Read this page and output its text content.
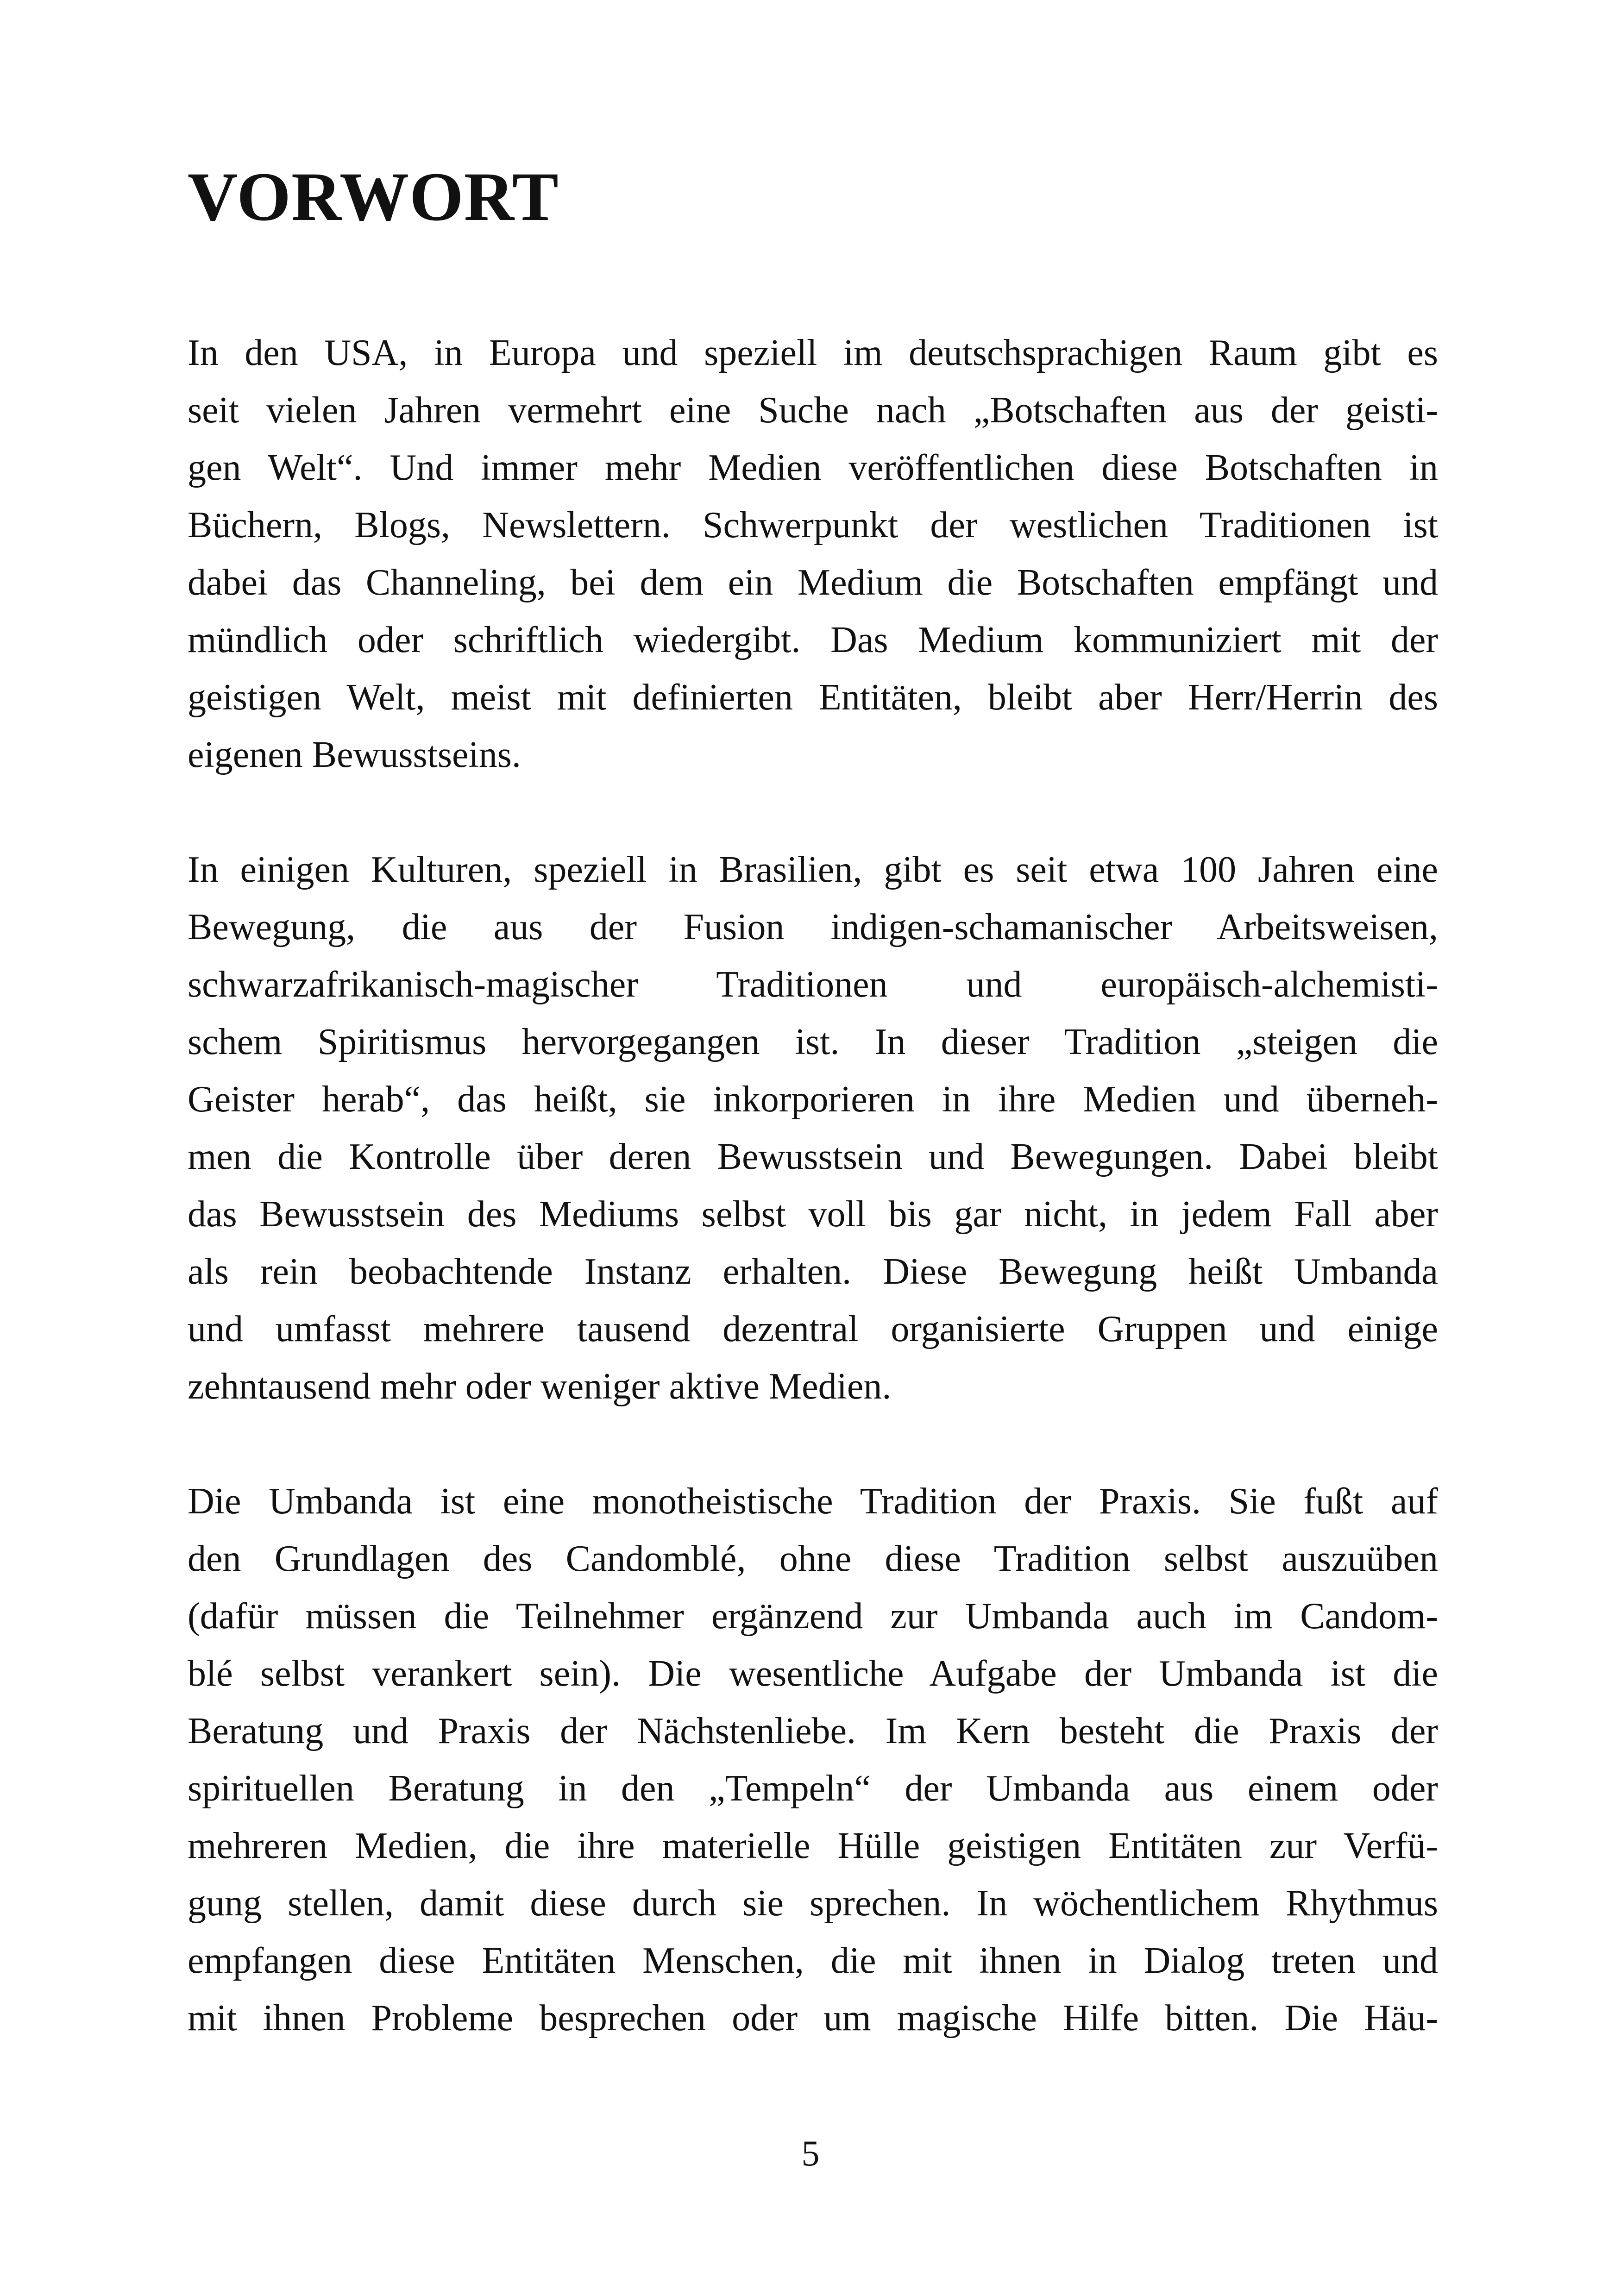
VORWORT

In den USA, in Europa und speziell im deutschsprachigen Raum gibt es
seit vielen Jahren vermehrt eine Suche nach „Botschaften aus der geisti-
gen Welt“. Und immer mehr Medien veröffentlichen diese Botschaften in
Büchern, Blogs, Newslettern. Schwerpunkt der westlichen Traditionen ist
dabei das Channeling, bei dem ein Medium die Botschaften empfängt und
mündlich oder schriftlich wiedergibt. Das Medium kommuniziert mit der
geistigen Welt, meist mit definierten Entitäten, bleibt aber Herr/Herrin des
eigenen Bewusstseins.

In einigen Kulturen, speziell in Brasilien, gibt es seit etwa 100 Jahren eine
Bewegung, die aus der Fusion indigen-schamanischer Arbeitsweisen,
schwarzafrikanisch-magischer Traditionen und europäisch-alchemisti-
schem Spiritismus hervorgegangen ist. In dieser Tradition „steigen die
Geister herab“, das heißt, sie inkorporieren in ihre Medien und überneh-
men die Kontrolle über deren Bewusstsein und Bewegungen. Dabei bleibt
das Bewusstsein des Mediums selbst voll bis gar nicht, in jedem Fall aber
als rein beobachtende Instanz erhalten. Diese Bewegung heißt Umbanda
und umfasst mehrere tausend dezentral organisierte Gruppen und einige
zehntausend mehr oder weniger aktive Medien.

Die Umbanda ist eine monotheistische Tradition der Praxis. Sie fußt auf
den Grundlagen des Candomblé, ohne diese Tradition selbst auszuüben
(dafür müssen die Teilnehmer ergänzend zur Umbanda auch im Candom-
blé selbst verankert sein). Die wesentliche Aufgabe der Umbanda ist die
Beratung und Praxis der Nächstenliebe. Im Kern besteht die Praxis der
spirituellen Beratung in den „Tempeln“ der Umbanda aus einem oder
mehreren Medien, die ihre materielle Hülle geistigen Entitäten zur Verfü-
gung stellen, damit diese durch sie sprechen. In wöchentlichem Rhythmus
empfangen diese Entitäten Menschen, die mit ihnen in Dialog treten und
mit ihnen Probleme besprechen oder um magische Hilfe bitten. Die Häu-

5
